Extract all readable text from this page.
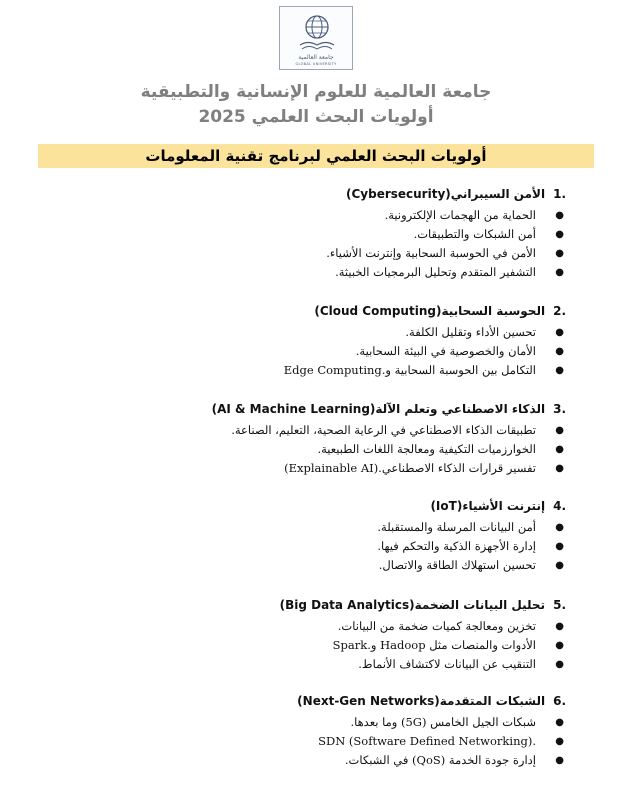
جامعة العالمية
GLOBAL UNIVERSITY
جامعة العالمية للعلوم الإنسانية والتطبيقية
أولويات البحث العلمي 2025
أولويات البحث العلمي لبرنامج تقنية المعلومات
.1الأمن السيبراني(Cybersecurity)
●
الحماية من الهجمات الإلكترونية.
●
أمن الشبكات والتطبيقات.
●
الأمن في الحوسبة السحابية وإنترنت الأشياء.
●
التشفير المتقدم وتحليل البرمجيات الخبيثة.
.2الحوسبة السحابية(Cloud Computing)
●
تحسين الأداء وتقليل الكلفة.
●
الأمان والخصوصية في البيئة السحابية.
●
التكامل بين الحوسبة السحابية و.Edge Computing
.3الذكاء الاصطناعي وتعلم الآلة(AI & Machine Learning)
●
تطبيقات الذكاء الاصطناعي في الرعاية الصحية، التعليم، الصناعة.
●
الخوارزميات التكيفية ومعالجة اللغات الطبيعية.
●
تفسير قرارات الذكاء الاصطناعي.(Explainable AI)
.4إنترنت الأشياء(IoT)
●
أمن البيانات المرسلة والمستقبلة.
●
إدارة الأجهزة الذكية والتحكم فيها.
●
تحسين استهلاك الطاقة والاتصال.
.5تحليل البيانات الضخمة(Big Data Analytics)
●
تخزين ومعالجة كميات ضخمة من البيانات.
●
الأدوات والمنصات مثل Hadoop و.Spark
●
التنقيب عن البيانات لاكتشاف الأنماط.
.6الشبكات المتقدمة(Next-Gen Networks)
●
شبكات الجيل الخامس (5G) وما بعدها.
●
.SDN (Software Defined Networking)
●
إدارة جودة الخدمة (QoS) في الشبكات.
